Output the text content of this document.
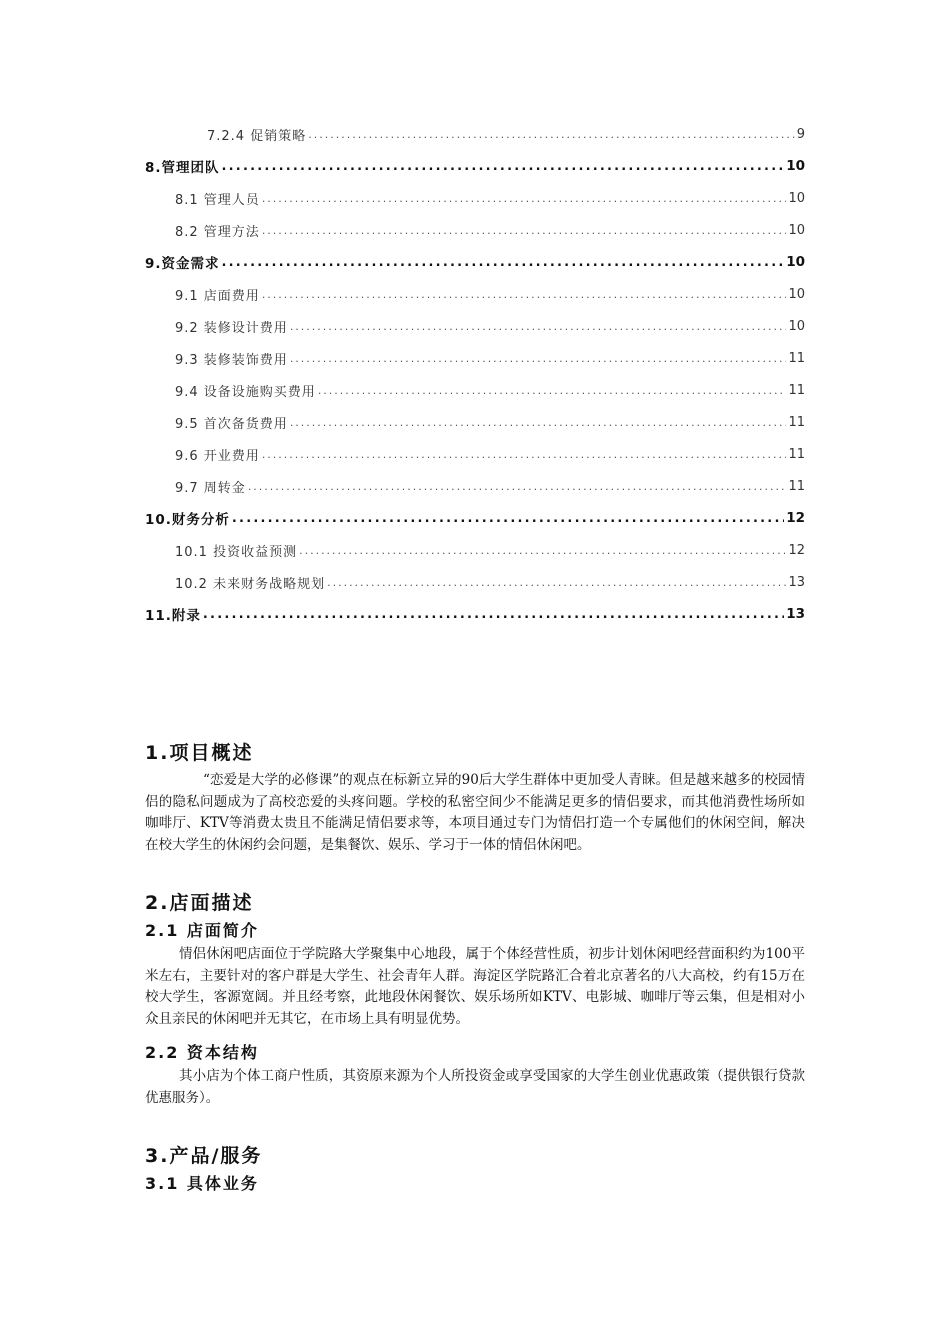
7.2.4 促销策略 .....	9
8.管理团队 .....	10
8.1 管理人员 .....	10
8.2 管理方法 .....	10
9.资金需求 .....	10
9.1 店面费用 .....	10
9.2 装修设计费用 .....	10
9.3 装修装饰费用 .....	11
9.4 设备设施购买费用 .....	11
9.5 首次备货费用 .....	11
9.6 开业费用 .....	11
9.7 周转金 .....	11
10.财务分析 .....	12
10.1 投资收益预测 .....	12
10.2 未来财务战略规划 .....	13
11.附录 .....	13
1.项目概述

“恋爱是大学的必修课”的观点在标新立异的90后大学生群体中更加受人青睐。但是越来越多的校园情侣的隐私问题成为了高校恋爱的头疼问题。学校的私密空间少不能满足更多的情侣要求，而其他消费性场所如咖啡厅、KTV等消费太贵且不能满足情侣要求等，本项目通过专门为情侣打造一个专属他们的休闲空间，解决在校大学生的休闲约会问题，是集餐饮、娱乐、学习于一体的情侣休闲吧。

2.店面描述
2.1 店面简介

情侣休闲吧店面位于学院路大学聚集中心地段，属于个体经营性质，初步计划休闲吧经营面积约为100平米左右，主要针对的客户群是大学生、社会青年人群。海淀区学院路汇合着北京著名的八大高校，约有15万在校大学生，客源宽阔。并且经考察，此地段休闲餐饮、娱乐场所如KTV、电影城、咖啡厅等云集，但是相对小众且亲民的休闲吧并无其它，在市场上具有明显优势。

2.2 资本结构

其小店为个体工商户性质，其资原来源为个人所投资金或享受国家的大学生创业优惠政策（提供银行贷款优惠服务）。

3.产品/服务
3.1 具体业务
